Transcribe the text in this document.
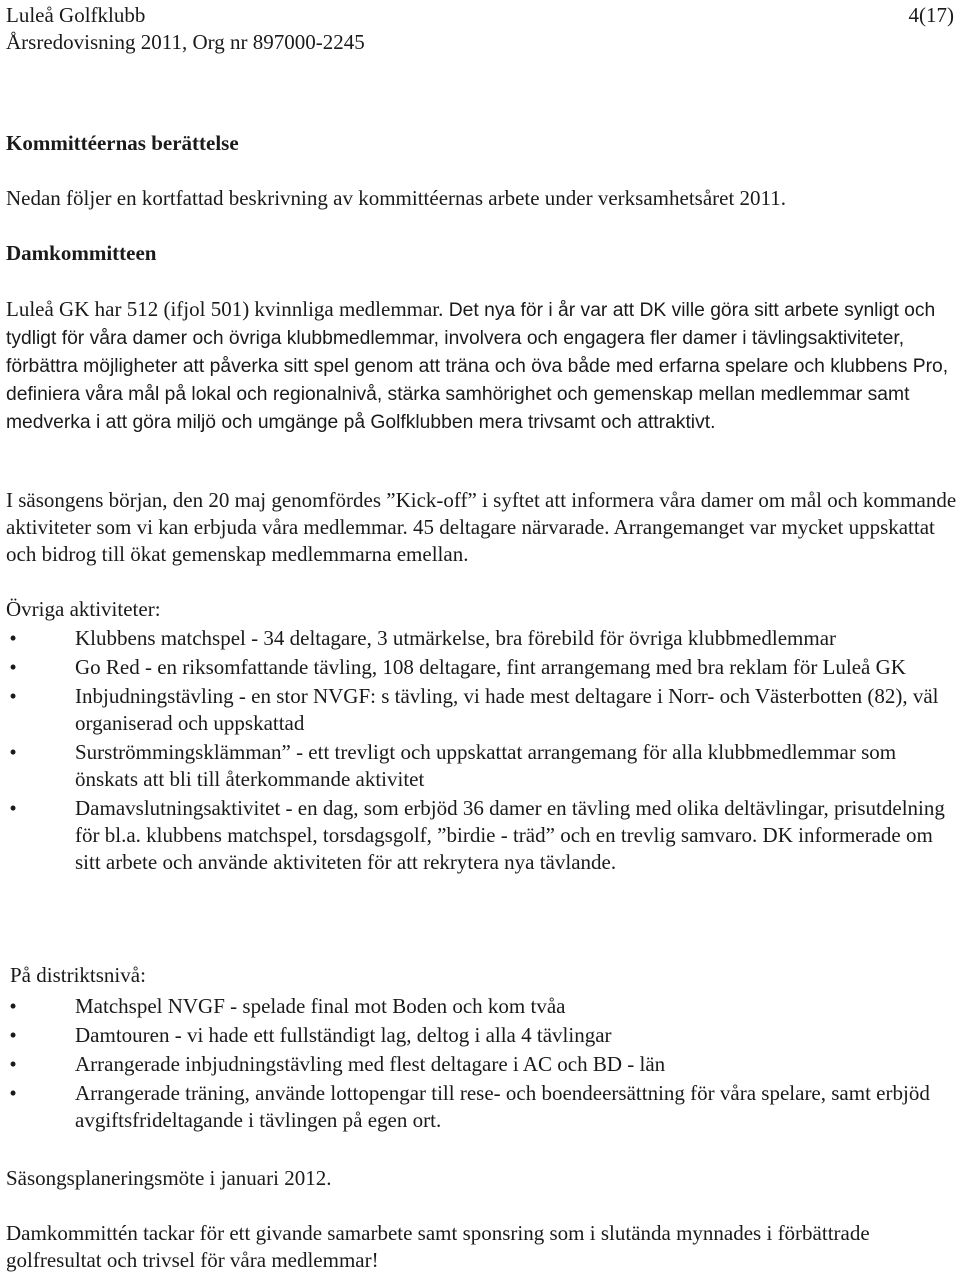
Luleå Golfklubb
Årsredovisning 2011, Org nr 897000-2245
4(17)
Kommittéernas berättelse

Nedan följer en kortfattad beskrivning av kommittéernas arbete under verksamhetsåret 2011.

Damkommitteen

Luleå GK har 512 (ifjol 501) kvinnliga medlemmar. Det nya för i år var att DK ville göra sitt arbete synligt och tydligt för våra damer och övriga klubbmedlemmar, involvera och engagera fler damer i tävlingsaktiviteter, förbättra möjligheter att påverka sitt spel genom att träna och öva både med erfarna spelare och klubbens Pro, definiera våra mål på lokal och regionalnivå, stärka samhörighet och gemenskap mellan medlemmar samt medverka i att göra miljö och umgänge på Golfklubben mera trivsamt och attraktivt.

I säsongens början, den 20 maj genomfördes ”Kick-off” i syftet att informera våra damer om mål och kommande aktiviteter som vi kan erbjuda våra medlemmar. 45 deltagare närvarade. Arrangemanget var mycket uppskattat och bidrog till ökat gemenskap medlemmarna emellan.

Övriga aktiviteter:

•	Klubbens matchspel - 34 deltagare, 3 utmärkelse, bra förebild för övriga klubbmedlemmar
•	Go Red - en riksomfattande tävling, 108 deltagare, fint arrangemang med bra reklam för Luleå GK
•	Inbjudningstävling - en stor NVGF: s tävling, vi hade mest deltagare i Norr- och Västerbotten (82), väl organiserad och uppskattad
•	Surströmmingsklämman” - ett trevligt och uppskattat arrangemang för alla klubbmedlemmar som önskats att bli till återkommande aktivitet
•	Damavslutningsaktivitet - en dag, som erbjöd 36 damer en tävling med olika deltävlingar, prisutdelning för bl.a. klubbens matchspel, torsdagsgolf, ”birdie - träd” och en trevlig samvaro. DK informerade om sitt arbete och använde aktiviteten för att rekrytera nya tävlande.

På distriktsnivå:

•	Matchspel NVGF - spelade final mot Boden och kom tvåa
•	Damtouren - vi hade ett fullständigt lag, deltog i alla 4 tävlingar
•	Arrangerade inbjudningstävling med flest deltagare i AC och BD - län
•	Arrangerade träning, använde lottopengar till rese- och boendeersättning för våra spelare, samt erbjöd avgiftsfrideltagande i tävlingen på egen ort.

Säsongsplaneringsmöte i januari 2012.

Damkommittén tackar för ett givande samarbete samt sponsring som i slutända mynnades i förbättrade golfresultat och trivsel för våra medlemmar!
